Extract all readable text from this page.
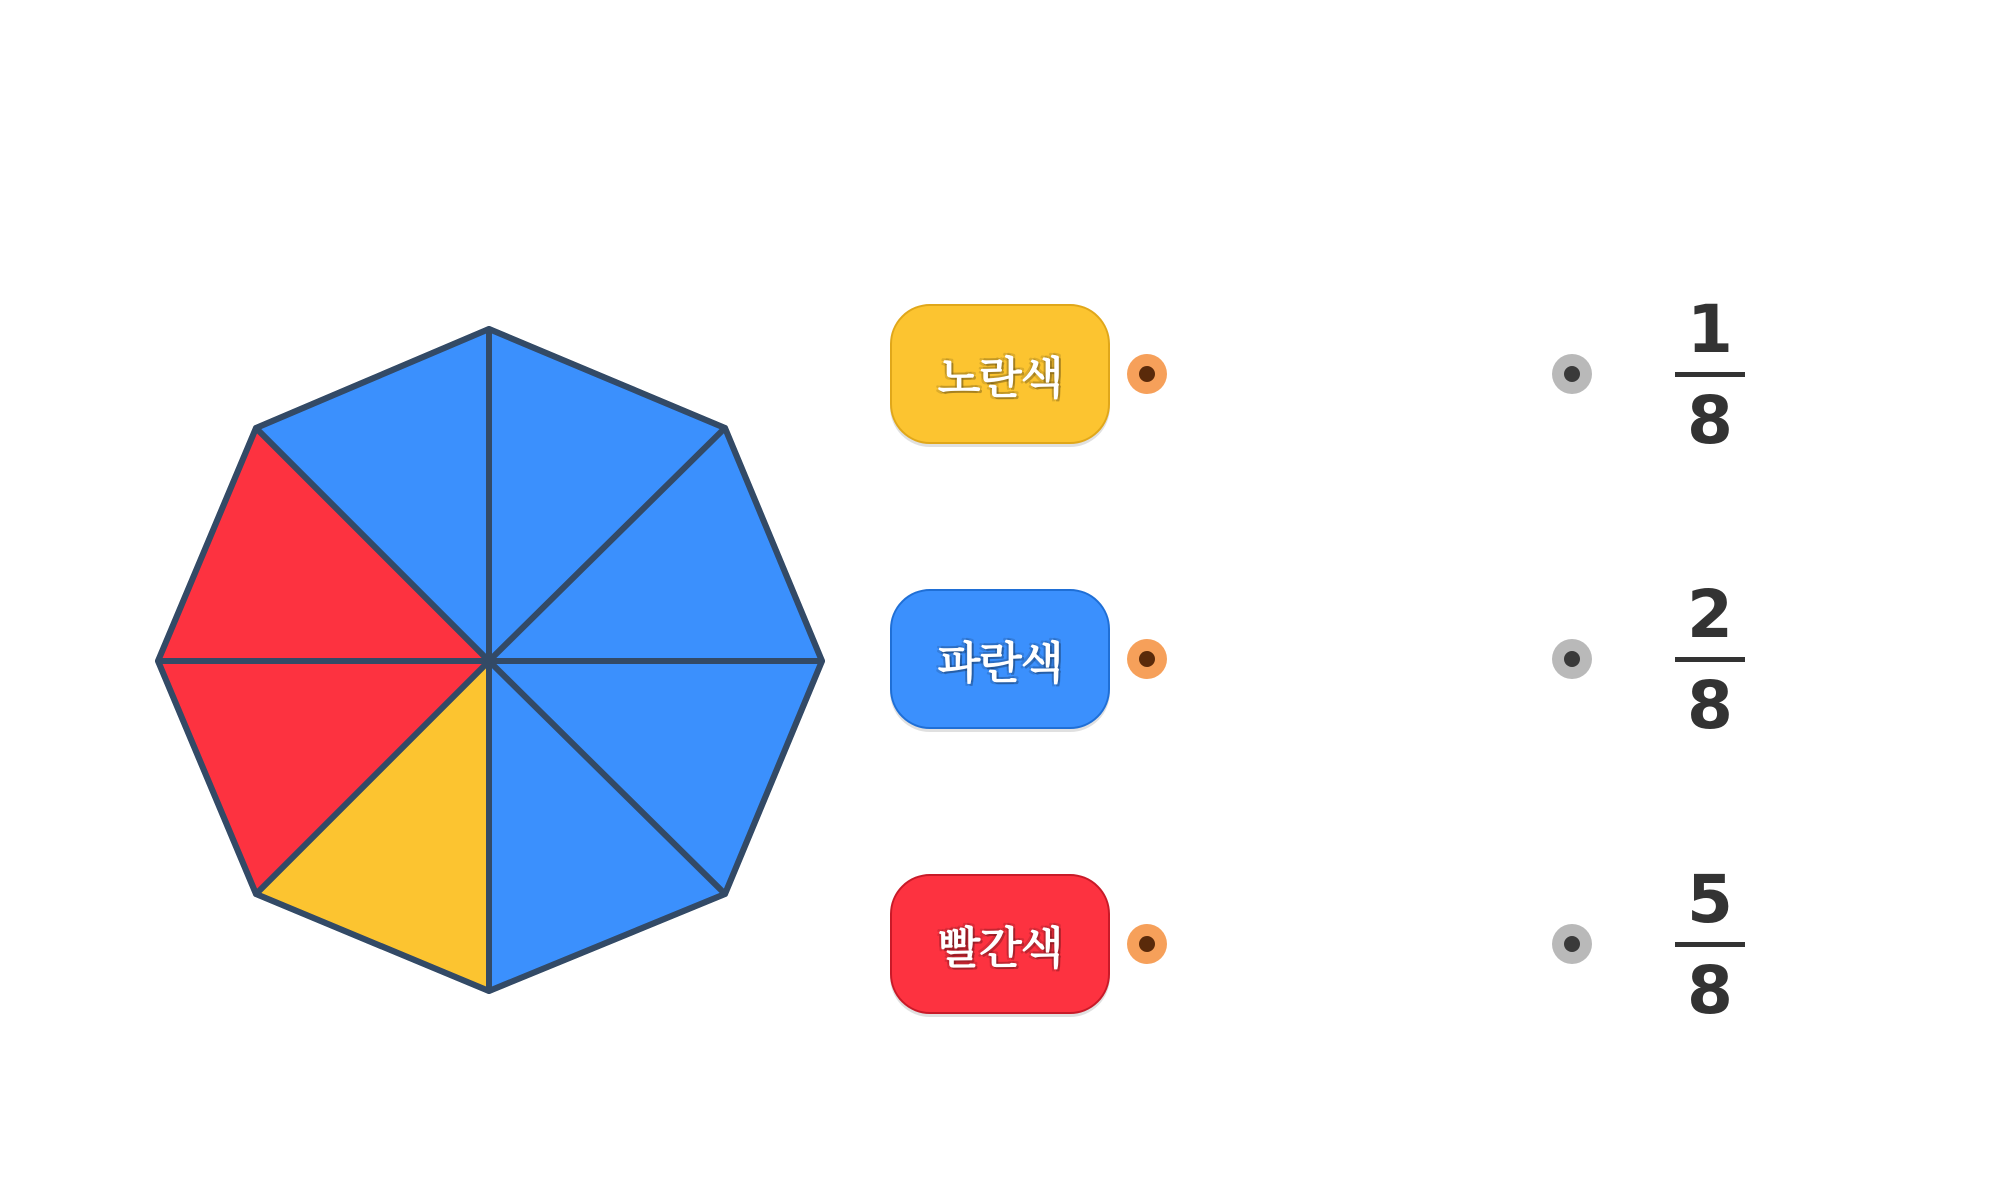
노란색
파란색
빨간색
1
8
2
8
5
8
